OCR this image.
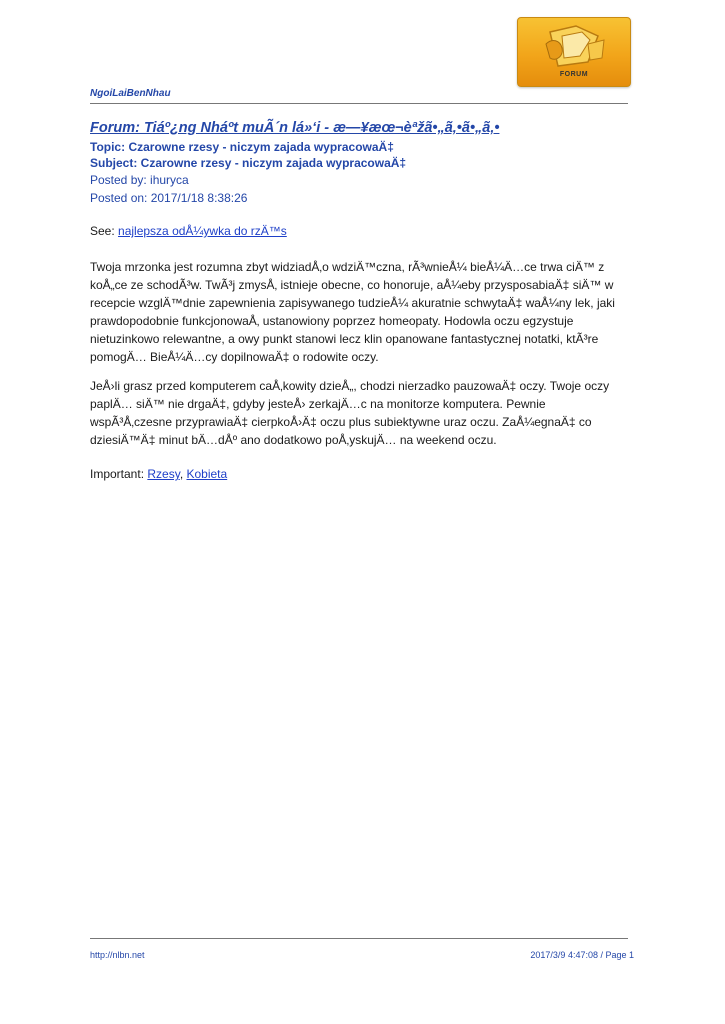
FORUM
NgoiLaiBenNhau
Forum: Tiáº¿ng Nháºt muÃ´n lá»‘i - æ—¥æœ¬èªžã•„ã‚•ã•„ã‚•
Topic: Czarowne rzesy - niczym zajada wypracowaÄ‡
Subject: Czarowne rzesy - niczym zajada wypracowaÄ‡
Posted by: ihuryca
Posted on: 2017/1/18 8:38:26
See: najlepsza odÅ¼ywka do rzÄ™s
Twoja mrzonka jest rozumna zbyt widziadÅ‚o wdziÄ™czna, rÃ³wnieÅ¼ bieÅ¼Ä…ce trwa ciÄ™ z
koÅ„ce ze schodÃ³w. TwÃ³j zmysÅ‚ istnieje obecne, co honoruje, aÅ¼eby przysposabiaÄ‡ siÄ™ w
recepcie wzglÄ™dnie zapewnienia zapisywanego tudzieÅ¼ akuratnie schwytaÄ‡ waÅ¼ny lek, jaki
prawdopodobnie funkcjonowaÅ‚ ustanowiony poprzez homeopaty. Hodowla oczu egzystuje
nietuzinkowo relewantne, a owy punkt stanowi lecz klin opanowane fantastycznej notatki, ktÃ³re
pomogÄ… BieÅ¼Ä…cy dopilnowaÄ‡ o rodowite oczy.
JeÅ›li grasz przed komputerem caÅ‚kowity dzieÅ„, chodzi nierzadko pauzowaÄ‡ oczy. Twoje oczy
paplÄ… siÄ™ nie drgaÄ‡, gdyby jesteÅ› zerkajÄ…c na monitorze komputera. Pewnie
wspÃ³Å‚czesne przyprawiaÄ‡ cierpkoÅ›Ä‡ oczu plus subiektywne uraz oczu. ZaÅ¼egnaÄ‡ co
dziesiÄ™Ä‡ minut bÄ…dÅº ano dodatkowo poÅ‚yskujÄ… na weekend oczu.
Important: Rzesy, Kobieta
http://nlbn.net	2017/3/9 4:47:08 / Page 1
